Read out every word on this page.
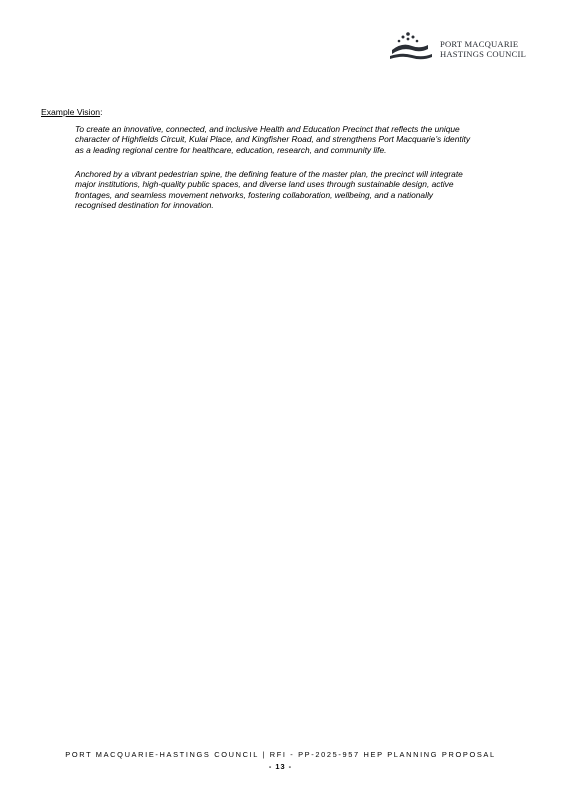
PORT MACQUARIE
HASTINGS COUNCIL
Example Vision:
To create an innovative, connected, and inclusive Health and Education Precinct that reflects the unique
character of Highfields Circuit, Kulai Place, and Kingfisher Road, and strengthens Port Macquarie’s identity
as a leading regional centre for healthcare, education, research, and community life.
Anchored by a vibrant pedestrian spine, the defining feature of the master plan, the precinct will integrate
major institutions, high-quality public spaces, and diverse land uses through sustainable design, active
frontages, and seamless movement networks, fostering collaboration, wellbeing, and a nationally
recognised destination for innovation.
PORT MACQUARIE-HASTINGS COUNCIL | RFI - PP-2025-957 HEP PLANNING PROPOSAL
- 13 -
